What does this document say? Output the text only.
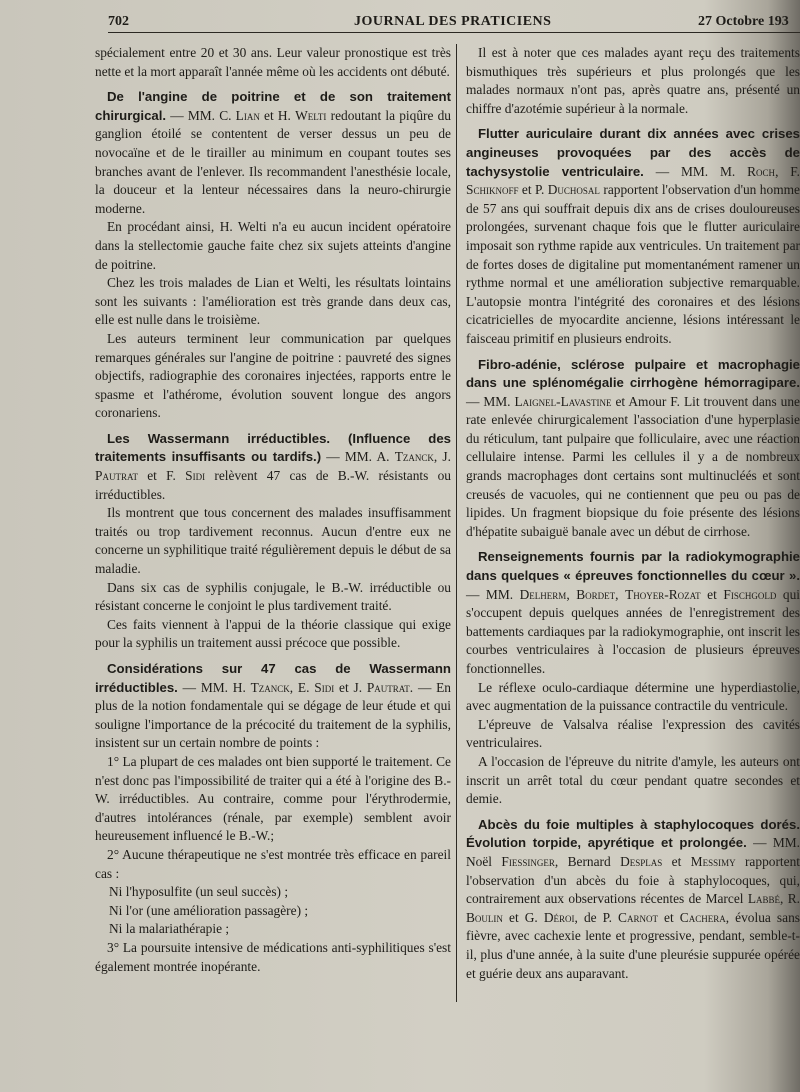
702	JOURNAL DES PRATICIENS	27 Octobre 193

spécialement entre 20 et 30 ans. Leur valeur pronostique est très nette et la mort apparaît l'année même où les accidents ont débuté.

De l'angine de poitrine et de son traitement chirurgical. — MM. C. Lian et H. Welti redoutant la piqûre du ganglion étoilé se contentent de verser dessus un peu de novocaïne et de le tirailler au minimum en coupant toutes ses branches avant de l'enlever. Ils recommandent l'anesthésie locale, la douceur et la lenteur nécessaires dans la neuro-chirurgie moderne.

En procédant ainsi, H. Welti n'a eu aucun incident opératoire dans la stellectomie gauche faite chez six sujets atteints d'angine de poitrine.

Chez les trois malades de Lian et Welti, les résultats lointains sont les suivants : l'amélioration est très grande dans deux cas, elle est nulle dans le troisième.

Les auteurs terminent leur communication par quelques remarques générales sur l'angine de poitrine : pauvreté des signes objectifs, radiographie des coronaires injectées, rapports entre le spasme et l'athérome, évolution souvent longue des angors coronariens.

Les Wassermann irréductibles. (Influence des traitements insuffisants ou tardifs.) — MM. A. Tzanck, J. Pautrat et F. Sidi relèvent 47 cas de B.-W. résistants ou irréductibles.

Ils montrent que tous concernent des malades insuffisamment traités ou trop tardivement reconnus. Aucun d'entre eux ne concerne un syphilitique traité régulièrement depuis le début de sa maladie.

Dans six cas de syphilis conjugale, le B.-W. irréductible ou résistant concerne le conjoint le plus tardivement traité.

Ces faits viennent à l'appui de la théorie classique qui exige pour la syphilis un traitement aussi précoce que possible.

Considérations sur 47 cas de Wassermann irréductibles. — MM. H. Tzanck, E. Sidi et J. Pautrat. — En plus de la notion fondamentale qui se dégage de leur étude et qui souligne l'importance de la précocité du traitement de la syphilis, insistent sur un certain nombre de points :

1° La plupart de ces malades ont bien supporté le traitement. Ce n'est donc pas l'impossibilité de traiter qui a été à l'origine des B.-W. irréductibles. Au contraire, comme pour l'érythrodermie, d'autres intolérances (rénale, par exemple) semblent avoir heureusement influencé le B.-W.;

2° Aucune thérapeutique ne s'est montrée très efficace en pareil cas :

Ni l'hyposulfite (un seul succès) ;

Ni l'or (une amélioration passagère) ;

Ni la malariathérapie ;

3° La poursuite intensive de médications anti-syphilitiques s'est également montrée inopérante.

Il est à noter que ces malades ayant reçu des traitements bismuthiques très supérieurs et plus prolongés que les malades normaux n'ont pas, après quatre ans, présenté un chiffre d'azotémie supérieur à la normale.

Flutter auriculaire durant dix années avec crises angineuses provoquées par des accès de tachysystolie ventriculaire. — MM. M. Roch, F. Schiknoff et P. Duchosal rapportent l'observation d'un homme de 57 ans qui souffrait depuis dix ans de crises douloureuses prolongées, survenant chaque fois que le flutter auriculaire imposait son rythme rapide aux ventricules. Un traitement par de fortes doses de digitaline put momentanément ramener un rythme normal et une amélioration subjective remarquable. L'autopsie montra l'intégrité des coronaires et des lésions cicatricielles de myocardite ancienne, lésions intéressant le faisceau primitif en plusieurs endroits.

Fibro-adénie, sclérose pulpaire et macrophagie dans une splénomégalie cirrhogène hémorragipare. — MM. Laignel-Lavastine et Amour F. Lit trouvent dans une rate enlevée chirurgicalement l'association d'une hyperplasie du réticulum, tant pulpaire que folliculaire, avec une réaction cellulaire intense. Parmi les cellules il y a de nombreux grands macrophages dont certains sont multinucléés et sont creusés de vacuoles, qui ne contiennent que peu ou pas de lipides. Un fragment biopsique du foie présente des lésions d'hépatite subaiguë banale avec un début de cirrhose.

Renseignements fournis par la radiokymographie dans quelques « épreuves fonctionnelles du cœur ». — MM. Delherm, Bordet, Thoyer-Rozat et Fischgold qui s'occupent depuis quelques années de l'enregistrement des battements cardiaques par la radiokymographie, ont inscrit les courbes ventriculaires à l'occasion de plusieurs épreuves fonctionnelles.

Le réflexe oculo-cardiaque détermine une hyperdiastolie, avec augmentation de la puissance contractile du ventricule.

L'épreuve de Valsalva réalise l'expression des cavités ventriculaires.

A l'occasion de l'épreuve du nitrite d'amyle, les auteurs ont inscrit un arrêt total du cœur pendant quatre secondes et demie.

Abcès du foie multiples à staphylocoques dorés. Évolution torpide, apyrétique et prolongée. — MM. Noël Fiessinger, Bernard Desplas et Messimy rapportent l'observation d'un abcès du foie à staphylocoques, qui, contrairement aux observations récentes de Marcel Labbé, R. Boulin et G. Déroi, de P. Carnot et Cachera, évolua sans fièvre, avec cachexie lente et progressive, pendant, semble-t-il, plus d'une année, à la suite d'une pleurésie suppurée opérée et guérie deux ans auparavant.
